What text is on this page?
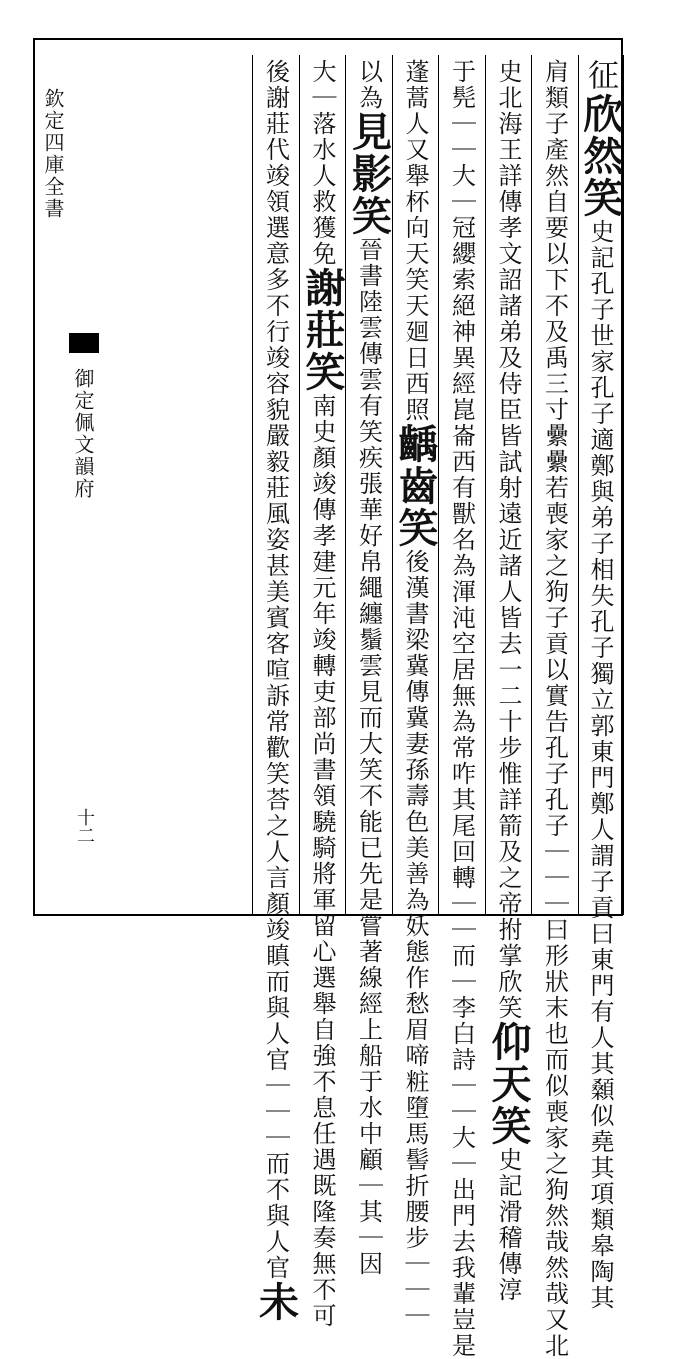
欽定四庫全書
御定佩文韻府
十二
征欣然笑史記孔子世家孔子適鄭與弟子相失孔子獨立郭東門鄭人謂子貢曰東門有人其顙似堯其項類皋陶其
肩類子產然自要以下不及禹三寸纍纍若喪家之狗子貢以實告孔子孔子｜｜｜曰形狀末也而似喪家之狗然哉然哉又北
史北海王詳傳孝文詔諸弟及侍臣皆試射遠近諸人皆去一二十步惟詳箭及之帝拊掌欣笑仰天笑史記滑稽傳淳
于髡｜｜大｜冠纓索絕神異經崑崙西有獸名為渾沌空居無為常咋其尾回轉｜｜而｜李白詩｜｜大｜出門去我輩豈是
蓬蒿人又舉杯向天笑天廻日西照齲齒笑後漢書梁冀傳冀妻孫壽色美善為妖態作愁眉啼粧墮馬髻折腰步｜｜｜
以為見影笑晉書陸雲傳雲有笑疾張華好帛繩纏鬚雲見而大笑不能已先是嘗著線經上船于水中顧｜其｜因
大｜落水人救獲免謝莊笑南史顏竣傳孝建元年竣轉吏部尚書領驍騎將軍留心選舉自強不息任遇既隆奏無不可
後謝莊代竣領選意多不行竣容貌嚴毅莊風姿甚美賓客喧訴常歡笑荅之人言顏竣瞋而與人官｜｜｜而不與人官未
